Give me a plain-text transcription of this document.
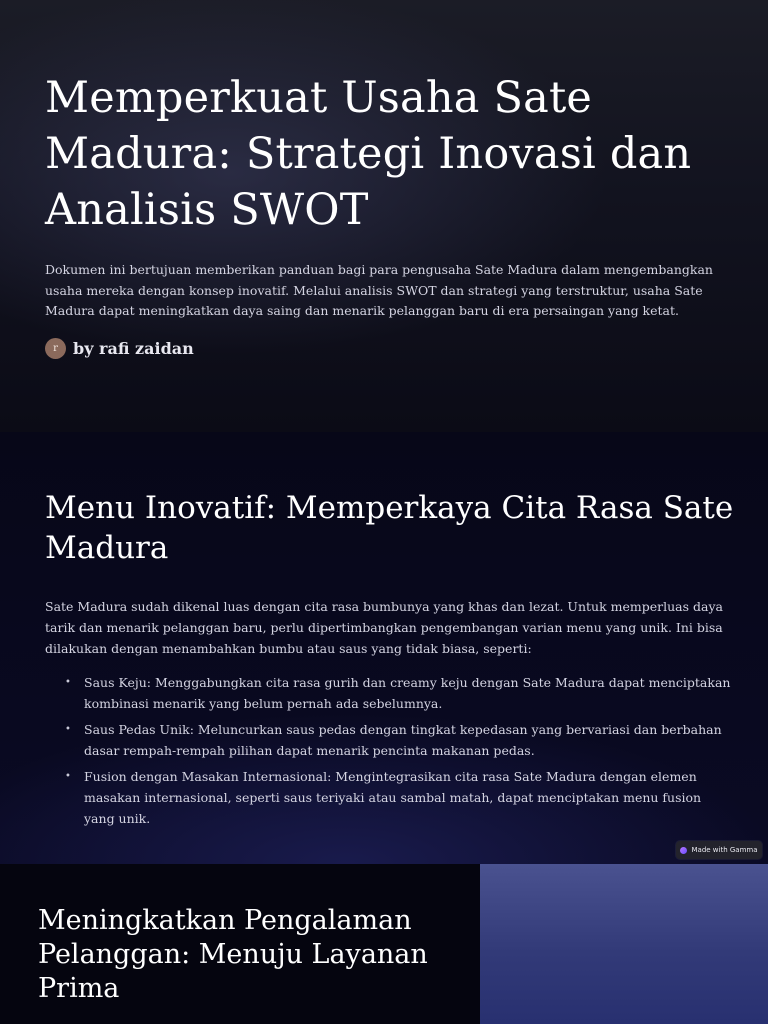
Memperkuat Usaha Sate Madura: Strategi Inovasi dan Analisis SWOT

Dokumen ini bertujuan memberikan panduan bagi para pengusaha Sate Madura dalam mengembangkan usaha mereka dengan konsep inovatif. Melalui analisis SWOT dan strategi yang terstruktur, usaha Sate Madura dapat meningkatkan daya saing dan menarik pelanggan baru di era persaingan yang ketat.

r by rafi zaidan
Menu Inovatif: Memperkaya Cita Rasa Sate Madura

Sate Madura sudah dikenal luas dengan cita rasa bumbunya yang khas dan lezat. Untuk memperluas daya tarik dan menarik pelanggan baru, perlu dipertimbangkan pengembangan varian menu yang unik. Ini bisa dilakukan dengan menambahkan bumbu atau saus yang tidak biasa, seperti:

• Saus Keju: Menggabungkan cita rasa gurih dan creamy keju dengan Sate Madura dapat menciptakan kombinasi menarik yang belum pernah ada sebelumnya.
• Saus Pedas Unik: Meluncurkan saus pedas dengan tingkat kepedasan yang bervariasi dan berbahan dasar rempah-rempah pilihan dapat menarik pencinta makanan pedas.
• Fusion dengan Masakan Internasional: Mengintegrasikan cita rasa Sate Madura dengan elemen masakan internasional, seperti saus teriyaki atau sambal matah, dapat menciptakan menu fusion yang unik.
Made with Gamma
Meningkatkan Pengalaman Pelanggan: Menuju Layanan Prima
